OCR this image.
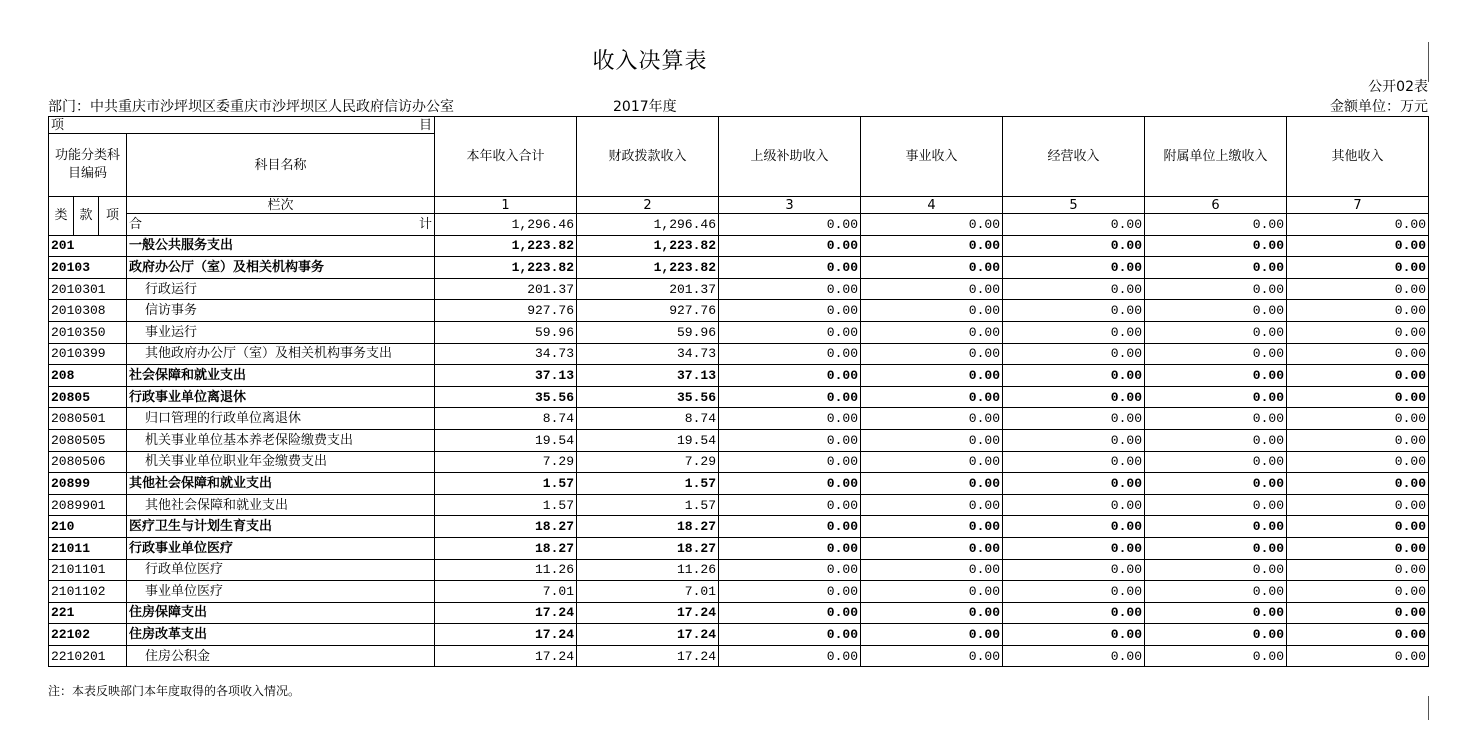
收入决算表
公开02表
部门：中共重庆市沙坪坝区委重庆市沙坪坝区人民政府信访办公室	2017年度	金额单位：万元
项 目				本年收入合计	财政拨款收入	上级补助收入	事业收入	经营收入	附属单位上缴收入	其他收入

功能分类科目编码			科目名称							
类	款	项	栏次	1	2	3	4	5	6	7
			合 计	1,296.46	1,296.46	0.00	0.00	0.00	0.00	0.00
201			一般公共服务支出	1,223.82	1,223.82	0.00	0.00	0.00	0.00	0.00
20103			政府办公厅（室）及相关机构事务	1,223.82	1,223.82	0.00	0.00	0.00	0.00	0.00
2010301			行政运行	201.37	201.37	0.00	0.00	0.00	0.00	0.00
2010308			信访事务	927.76	927.76	0.00	0.00	0.00	0.00	0.00
2010350			事业运行	59.96	59.96	0.00	0.00	0.00	0.00	0.00
2010399			其他政府办公厅（室）及相关机构事务支出	34.73	34.73	0.00	0.00	0.00	0.00	0.00
208			社会保障和就业支出	37.13	37.13	0.00	0.00	0.00	0.00	0.00
20805			行政事业单位离退休	35.56	35.56	0.00	0.00	0.00	0.00	0.00
2080501			归口管理的行政单位离退休	8.74	8.74	0.00	0.00	0.00	0.00	0.00
2080505			机关事业单位基本养老保险缴费支出	19.54	19.54	0.00	0.00	0.00	0.00	0.00
2080506			机关事业单位职业年金缴费支出	7.29	7.29	0.00	0.00	0.00	0.00	0.00
20899			其他社会保障和就业支出	1.57	1.57	0.00	0.00	0.00	0.00	0.00
2089901			其他社会保障和就业支出	1.57	1.57	0.00	0.00	0.00	0.00	0.00
210			医疗卫生与计划生育支出	18.27	18.27	0.00	0.00	0.00	0.00	0.00
21011			行政事业单位医疗	18.27	18.27	0.00	0.00	0.00	0.00	0.00
2101101			行政单位医疗	11.26	11.26	0.00	0.00	0.00	0.00	0.00
2101102			事业单位医疗	7.01	7.01	0.00	0.00	0.00	0.00	0.00
221			住房保障支出	17.24	17.24	0.00	0.00	0.00	0.00	0.00
22102			住房改革支出	17.24	17.24	0.00	0.00	0.00	0.00	0.00
2210201			住房公积金	17.24	17.24	0.00	0.00	0.00	0.00	0.00
注：本表反映部门本年度取得的各项收入情况。
